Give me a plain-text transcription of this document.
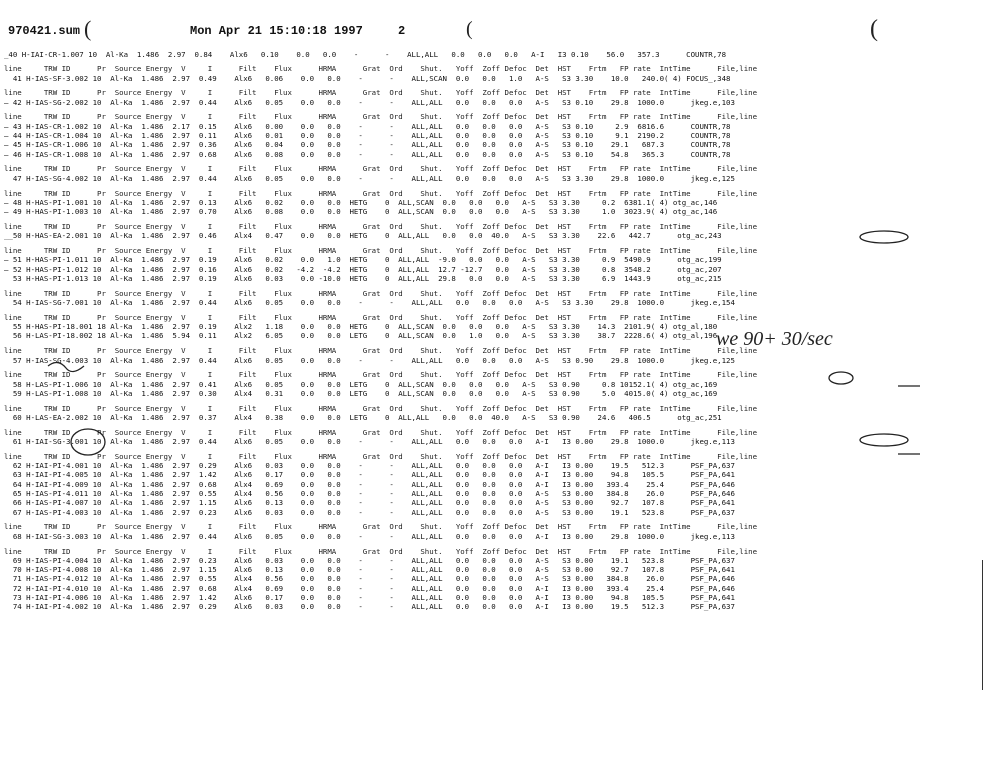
970421.sum

	Mon Apr 21 15:10:18 1997

	2

(	(	(
_40 H-IAI-CR-1.007 10  Al-Ka  1.486  2.97  0.84    Alx6   0.10    0.0   0.0    -      -    ALL,ALL   0.0   0.0   0.0   A-I   I3 0.10    56.0   357.3      COUNTR,78
line     TRW ID      Pr  Source Energy  V     I      Filt    Flux      HRMA      Grat  Ord    Shut.   Yoff  Zoff Defoc  Det  HST    Frtm   FP rate  IntTime      File,line
41 H-IAS-SF-3.002 10  Al-Ka  1.486  2.97  0.49    Alx6   0.06    0.0   0.0    -      -    ALL,SCAN  0.0   0.0   1.0   A-S   S3 3.30    10.0   240.0( 4) FOCUS_,348
line     TRW ID      Pr  Source Energy  V     I      Filt    Flux      HRMA      Grat  Ord    Shut.   Yoff  Zoff Defoc  Det  HST    Frtm   FP rate  IntTime      File,line
— 42 H-IAS-SG-2.002 10  Al-Ka  1.486  2.97  0.44    Alx6   0.05    0.0   0.0    -      -    ALL,ALL   0.0   0.0   0.0   A-S   S3 0.10    29.8  1000.0      jkeg.e,103
line     TRW ID      Pr  Source Energy  V     I      Filt    Flux      HRMA      Grat  Ord    Shut.   Yoff  Zoff Defoc  Det  HST    Frtm   FP rate  IntTime      File,line
— 43 H-IAS-CR-1.002 10  Al-Ka  1.486  2.17  0.15    Alx6   0.00    0.0   0.0    -      -    ALL,ALL   0.0   0.0   0.0   A-S   S3 0.10     2.9  6816.6      COUNTR,78
— 44 H-IAS-CR-1.004 10  Al-Ka  1.486  2.97  0.11    Alx6   0.01    0.0   0.0    -      -    ALL,ALL   0.0   0.0   0.0   A-S   S3 0.10     9.1  2190.2      COUNTR,78
— 45 H-IAS-CR-1.006 10  Al-Ka  1.486  2.97  0.36    Alx6   0.04    0.0   0.0    -      -    ALL,ALL   0.0   0.0   0.0   A-S   S3 0.10    29.1   687.3      COUNTR,78
— 46 H-IAS-CR-1.008 10  Al-Ka  1.486  2.97  0.68    Alx6   0.08    0.0   0.0    -      -    ALL,ALL   0.0   0.0   0.0   A-S   S3 0.10    54.8   365.3      COUNTR,78
line     TRW ID      Pr  Source Energy  V     I      Filt    Flux      HRMA      Grat  Ord    Shut.   Yoff  Zoff Defoc  Det  HST    Frtm   FP rate  IntTime      File,line
47 H-IAS-SG-4.002 10  Al-Ka  1.486  2.97  0.44    Alx6   0.05    0.0   0.0    -      -    ALL,ALL   0.0   0.0   0.0   A-S   S3 3.30    29.8  1000.0      jkeg.e,125
line     TRW ID      Pr  Source Energy  V     I      Filt    Flux      HRMA      Grat  Ord    Shut.   Yoff  Zoff Defoc  Det  HST    Frtm   FP rate  IntTime      File,line
— 48 H-HAS-PI-1.001 10  Al-Ka  1.486  2.97  0.13    Alx6   0.02    0.0   0.0  HETG    0  ALL,SCAN  0.0   0.0   0.0   A-S   S3 3.30     0.2  6381.1( 4) otg_ac,146
— 49 H-HAS-PI-1.003 10  Al-Ka  1.486  2.97  0.70    Alx6   0.08    0.0   0.0  HETG    0  ALL,SCAN  0.0   0.0   0.0   A-S   S3 3.30     1.0  3023.9( 4) otg_ac,146
line     TRW ID      Pr  Source Energy  V     I      Filt    Flux      HRMA      Grat  Ord    Shut.   Yoff  Zoff Defoc  Det  HST    Frtm   FP rate  IntTime      File,line
__50 H-HAS-EA-2.001 10  Al-Ka  1.486  2.97  0.46    Alx4   0.47    0.0   0.0  HETG    0  ALL,ALL   0.0   0.0  40.0   A-S   S3 3.30    22.6   442.7      otg_ac,243
line     TRW ID      Pr  Source Energy  V     I      Filt    Flux      HRMA      Grat  Ord    Shut.   Yoff  Zoff Defoc  Det  HST    Frtm   FP rate  IntTime      File,line
— 51 H-HAS-PI-1.011 10  Al-Ka  1.486  2.97  0.19    Alx6   0.02    0.0   1.0  HETG    0  ALL,ALL  -9.0   0.0   0.0   A-S   S3 3.30     0.9  5490.9      otg_ac,199
— 52 H-HAS-PI-1.012 10  Al-Ka  1.486  2.97  0.16    Alx6   0.02   -4.2  -4.2  HETG    0  ALL,ALL  12.7 -12.7   0.0   A-S   S3 3.30     0.8  3548.2      otg_ac,207
53 H-HAS-PI-1.013 10  Al-Ka  1.486  2.97  0.19    Alx6   0.03    0.0 -10.0  HETG    0  ALL,ALL  29.8   0.0   0.0   A-S   S3 3.30     6.9  1443.9      otg_ac,215
line     TRW ID      Pr  Source Energy  V     I      Filt    Flux      HRMA      Grat  Ord    Shut.   Yoff  Zoff Defoc  Det  HST    Frtm   FP rate  IntTime      File,line
54 H-IAS-SG-7.001 10  Al-Ka  1.486  2.97  0.44    Alx6   0.05    0.0   0.0    -      -    ALL,ALL   0.0   0.0   0.0   A-S   S3 3.30    29.8  1000.0      jkeg.e,154
line     TRW ID      Pr  Source Energy  V     I      Filt    Flux      HRMA      Grat  Ord    Shut.   Yoff  Zoff Defoc  Det  HST    Frtm   FP rate  IntTime      File,line
55 H-HAS-PI-18.001 18 Al-Ka  1.486  2.97  0.19    Alx2   1.18    0.0   0.0  HETG    0  ALL,SCAN  0.0   0.0   0.0   A-S   S3 3.30    14.3  2101.9( 4) otg_al,180
56 H-LAS-PI-18.002 18 Al-Ka  1.486  5.94  0.11    Alx2   6.05    0.0   0.0  LETG    0  ALL,SCAN  0.0   1.0   0.0   A-S   S3 3.30    38.7  2228.6( 4) otg_al,196
line     TRW ID      Pr  Source Energy  V     I      Filt    Flux      HRMA      Grat  Ord    Shut.   Yoff  Zoff Defoc  Det  HST    Frtm   FP rate  IntTime      File,line
57 H-IAS-SG-4.003 10  Al-Ka  1.486  2.97  0.44    Alx6   0.05    0.0   0.0    -      -    ALL,ALL   0.0   0.0   0.0   A-S   S3 0.90    29.8  1000.0      jkeg.e,125
line     TRW ID      Pr  Source Energy  V     I      Filt    Flux      HRMA      Grat  Ord    Shut.   Yoff  Zoff Defoc  Det  HST    Frtm   FP rate  IntTime      File,line
58 H-LAS-PI-1.006 10  Al-Ka  1.486  2.97  0.41    Alx6   0.05    0.0   0.0  LETG    0  ALL,SCAN  0.0   0.0   0.0   A-S   S3 0.90     0.8 10152.1( 4) otg_ac,169
59 H-LAS-PI-1.008 10  Al-Ka  1.486  2.97  0.30    Alx4   0.31    0.0   0.0  LETG    0  ALL,SCAN  0.0   0.0   0.0   A-S   S3 0.90     5.0  4015.0( 4) otg_ac,169
line     TRW ID      Pr  Source Energy  V     I      Filt    Flux      HRMA      Grat  Ord    Shut.   Yoff  Zoff Defoc  Det  HST    Frtm   FP rate  IntTime      File,line
60 H-LAS-EA-2.002 10  Al-Ka  1.486  2.97  0.37    Alx4   0.38    0.0   0.0  LETG    0  ALL,ALL   0.0   0.0  40.0   A-S   S3 0.90    24.6   406.5      otg_ac,251
line     TRW ID      Pr  Source Energy  V     I      Filt    Flux      HRMA      Grat  Ord    Shut.   Yoff  Zoff Defoc  Det  HST    Frtm   FP rate  IntTime      File,line
61 H-IAI-SG-3.001 10  Al-Ka  1.486  2.97  0.44    Alx6   0.05    0.0   0.0    -      -    ALL,ALL   0.0   0.0   0.0   A-I   I3 0.00    29.8  1000.0      jkeg.e,113
line     TRW ID      Pr  Source Energy  V     I      Filt    Flux      HRMA      Grat  Ord    Shut.   Yoff  Zoff Defoc  Det  HST    Frtm   FP rate  IntTime      File,line
62 H-IAI-PI-4.001 10  Al-Ka  1.486  2.97  0.29    Alx6   0.03    0.0   0.0    -      -    ALL,ALL   0.0   0.0   0.0   A-I   I3 0.00    19.5   512.3      PSF_PA,637
63 H-IAI-PI-4.005 10  Al-Ka  1.486  2.97  1.42    Alx6   0.17    0.0   0.0    -      -    ALL,ALL   0.0   0.0   0.0   A-I   I3 0.00    94.8   105.5      PSF_PA,641
64 H-IAI-PI-4.009 10  Al-Ka  1.486  2.97  0.68    Alx4   0.69    0.0   0.0    -      -    ALL,ALL   0.0   0.0   0.0   A-I   I3 0.00   393.4    25.4      PSF_PA,646
65 H-IAS-PI-4.011 10  Al-Ka  1.486  2.97  0.55    Alx4   0.56    0.0   0.0    -      -    ALL,ALL   0.0   0.0   0.0   A-S   S3 0.00   384.8    26.0      PSF_PA,646
66 H-IAS-PI-4.007 10  Al-Ka  1.486  2.97  1.15    Alx6   0.13    0.0   0.0    -      -    ALL,ALL   0.0   0.0   0.0   A-S   S3 0.00    92.7   107.8      PSF_PA,641
67 H-IAS-PI-4.003 10  Al-Ka  1.486  2.97  0.23    Alx6   0.03    0.0   0.0    -      -    ALL,ALL   0.0   0.0   0.0   A-S   S3 0.00    19.1   523.8      PSF_PA,637
line     TRW ID      Pr  Source Energy  V     I      Filt    Flux      HRMA      Grat  Ord    Shut.   Yoff  Zoff Defoc  Det  HST    Frtm   FP rate  IntTime      File,line
68 H-IAI-SG-3.003 10  Al-Ka  1.486  2.97  0.44    Alx6   0.05    0.0   0.0    -      -    ALL,ALL   0.0   0.0   0.0   A-I   I3 0.00    29.8  1000.0      jkeg.e,113
line     TRW ID      Pr  Source Energy  V     I      Filt    Flux      HRMA      Grat  Ord    Shut.   Yoff  Zoff Defoc  Det  HST    Frtm   FP rate  IntTime      File,line
69 H-IAS-PI-4.004 10  Al-Ka  1.486  2.97  0.23    Alx6   0.03    0.0   0.0    -      -    ALL,ALL   0.0   0.0   0.0   A-S   S3 0.00    19.1   523.8      PSF_PA,637
70 H-IAS-PI-4.008 10  Al-Ka  1.486  2.97  1.15    Alx6   0.13    0.0   0.0    -      -    ALL,ALL   0.0   0.0   0.0   A-S   S3 0.00    92.7   107.8      PSF_PA,641
71 H-IAS-PI-4.012 10  Al-Ka  1.486  2.97  0.55    Alx4   0.56    0.0   0.0    -      -    ALL,ALL   0.0   0.0   0.0   A-S   S3 0.00   384.8    26.0      PSF_PA,646
72 H-IAI-PI-4.010 10  Al-Ka  1.486  2.97  0.68    Alx4   0.69    0.0   0.0    -      -    ALL,ALL   0.0   0.0   0.0   A-I   I3 0.00   393.4    25.4      PSF_PA,646
73 H-IAI-PI-4.006 10  Al-Ka  1.486  2.97  1.42    Alx6   0.17    0.0   0.0    -      -    ALL,ALL   0.0   0.0   0.0   A-I   I3 0.00    94.8   105.5      PSF_PA,641
74 H-IAI-PI-4.002 10  Al-Ka  1.486  2.97  0.29    Alx6   0.03    0.0   0.0    -      -    ALL,ALL   0.0   0.0   0.0   A-I   I3 0.00    19.5   512.3      PSF_PA,637
we 90+ 30/sec
